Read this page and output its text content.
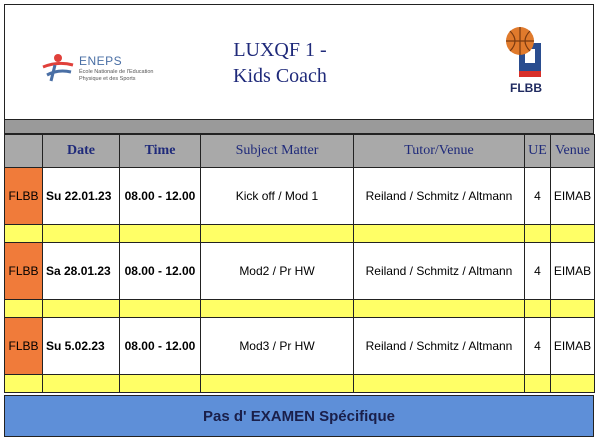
ENEPS
École Nationale de l'Education
Physique et des Sports
LUXQF 1 -
Kids Coach
FLBB
	Date	Time	Subject Matter	Tutor/Venue	UE	Venue
FLBB	Su 22.01.23	08.00 - 12.00	Kick off / Mod 1	Reiland / Schmitz / Altmann	4	EIMAB

FLBB	Sa 28.01.23	08.00 - 12.00	Mod2 / Pr HW	Reiland / Schmitz / Altmann	4	EIMAB

FLBB	Su 5.02.23	08.00 - 12.00	Mod3 / Pr HW	Reiland / Schmitz / Altmann	4	EIMAB

Pas d' EXAMEN Spécifique
